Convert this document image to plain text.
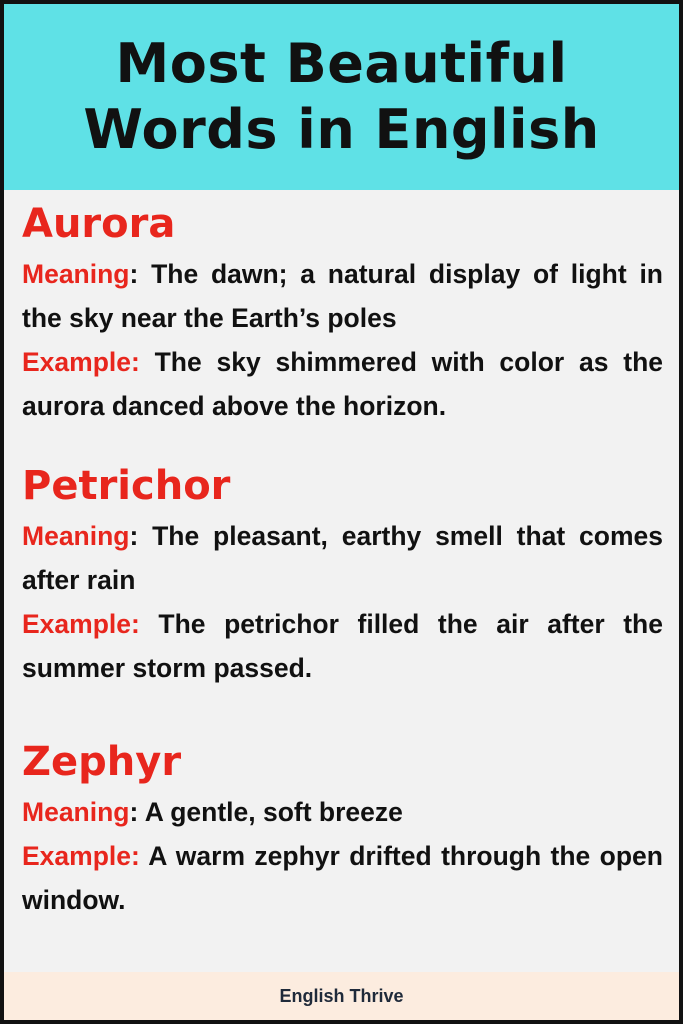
Most Beautiful
Words in English

Aurora

Meaning: The dawn; a natural display of light in the sky near the Earth’s poles

Example: The sky shimmered with color as the aurora danced above the horizon.

Petrichor

Meaning: The pleasant, earthy smell that comes after rain

Example: The petrichor filled the air after the summer storm passed.

Zephyr

Meaning: A gentle, soft breeze

Example: A warm zephyr drifted through the open window.

English Thrive
